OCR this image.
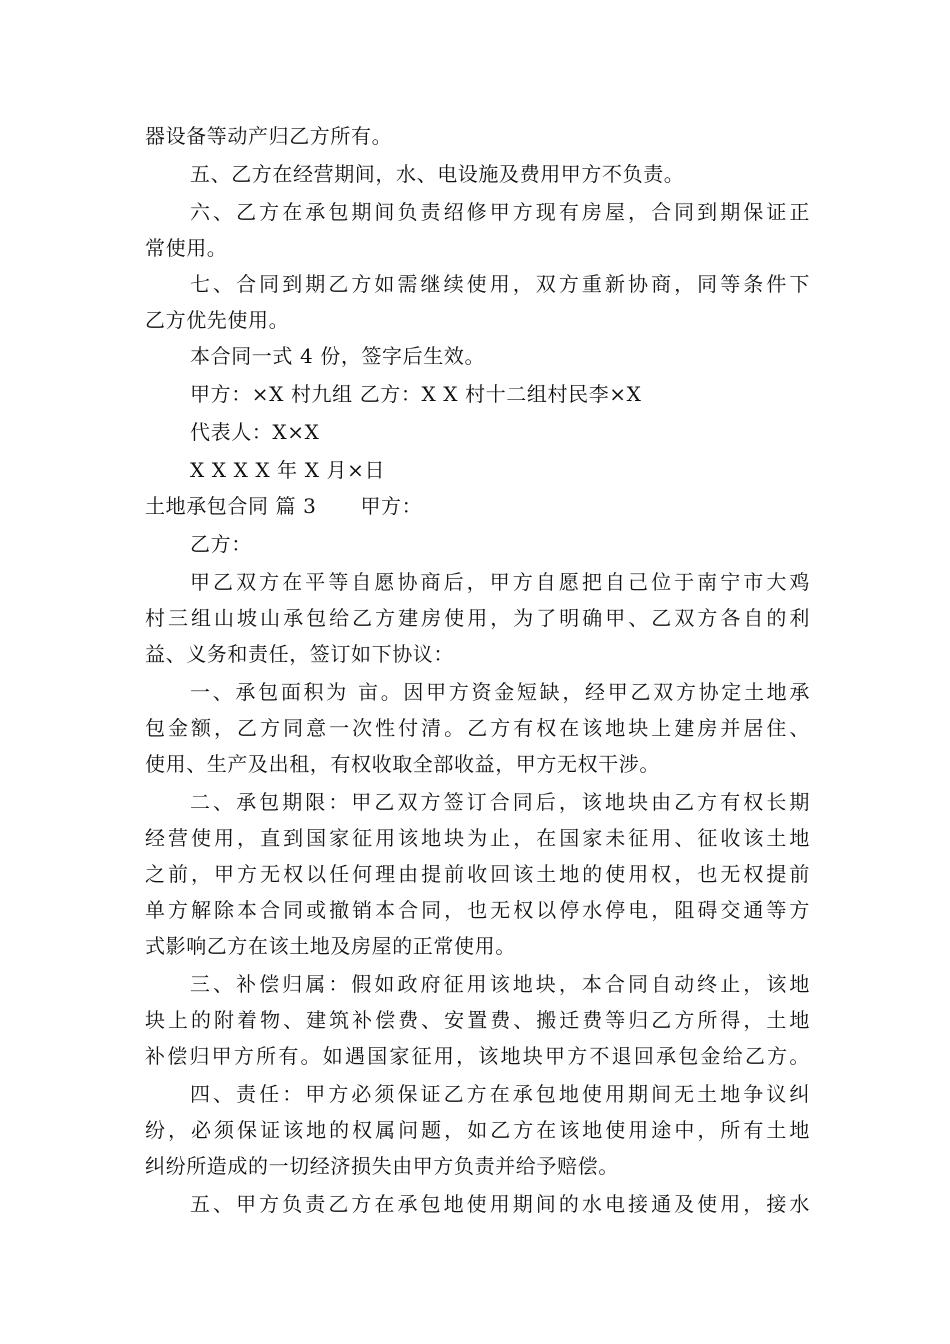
器设备等动产归乙方所有。
五、乙方在经营期间，水、电设施及费用甲方不负责。
六、乙方在承包期间负责绍修甲方现有房屋，合同到期保证正
常使用。
七、合同到期乙方如需继续使用，双方重新协商，同等条件下
乙方优先使用。
本合同一式 4 份，签字后生效。
甲方：×X 村九组 乙方：X X 村十二组村民李×X
代表人：X×X
X X X X 年 X 月×日
土地承包合同 篇 3 甲方：
乙方：
甲乙双方在平等自愿协商后，甲方自愿把自己位于南宁市大鸡
村三组山坡山承包给乙方建房使用，为了明确甲、乙双方各自的利
益、义务和责任，签订如下协议：
一、承包面积为 亩。因甲方资金短缺，经甲乙双方协定土地承
包金额，乙方同意一次性付清。乙方有权在该地块上建房并居住、
使用、生产及出租，有权收取全部收益，甲方无权干涉。
二、承包期限：甲乙双方签订合同后，该地块由乙方有权长期
经营使用，直到国家征用该地块为止，在国家未征用、征收该土地
之前，甲方无权以任何理由提前收回该土地的使用权，也无权提前
单方解除本合同或撤销本合同，也无权以停水停电，阻碍交通等方
式影响乙方在该土地及房屋的正常使用。
三、补偿归属：假如政府征用该地块，本合同自动终止，该地
块上的附着物、建筑补偿费、安置费、搬迁费等归乙方所得，土地
补偿归甲方所有。如遇国家征用，该地块甲方不退回承包金给乙方。
四、责任：甲方必须保证乙方在承包地使用期间无土地争议纠
纷，必须保证该地的权属问题，如乙方在该地使用途中，所有土地
纠纷所造成的一切经济损失由甲方负责并给予赔偿。
五、甲方负责乙方在承包地使用期间的水电接通及使用，接水
